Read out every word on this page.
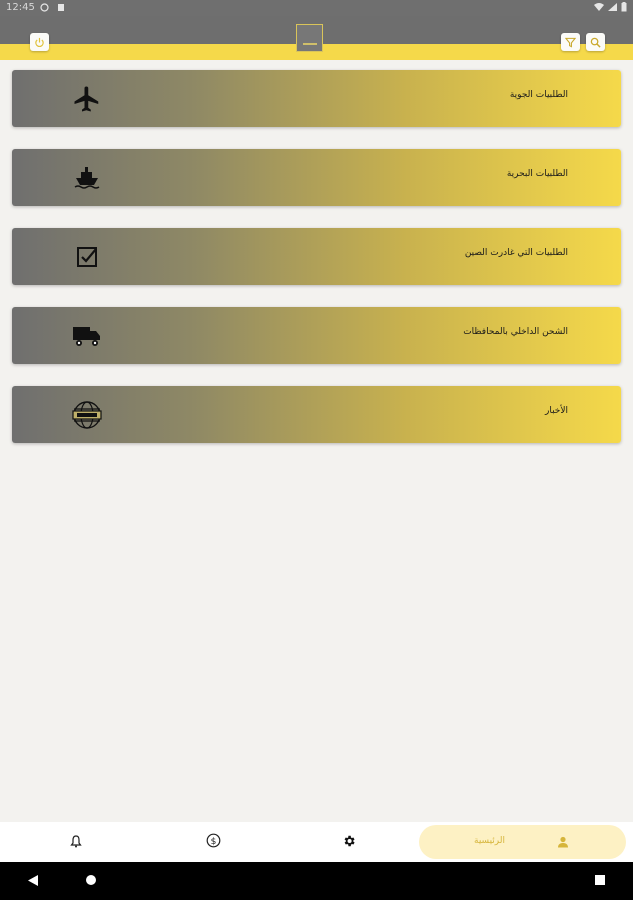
12:45
الطلبيات الجوية
الطلبيات البحرية
الطلبيات التي غادرت الصين
الشحن الداخلي بالمحافظات
الأخبار
$	الرئيسية
